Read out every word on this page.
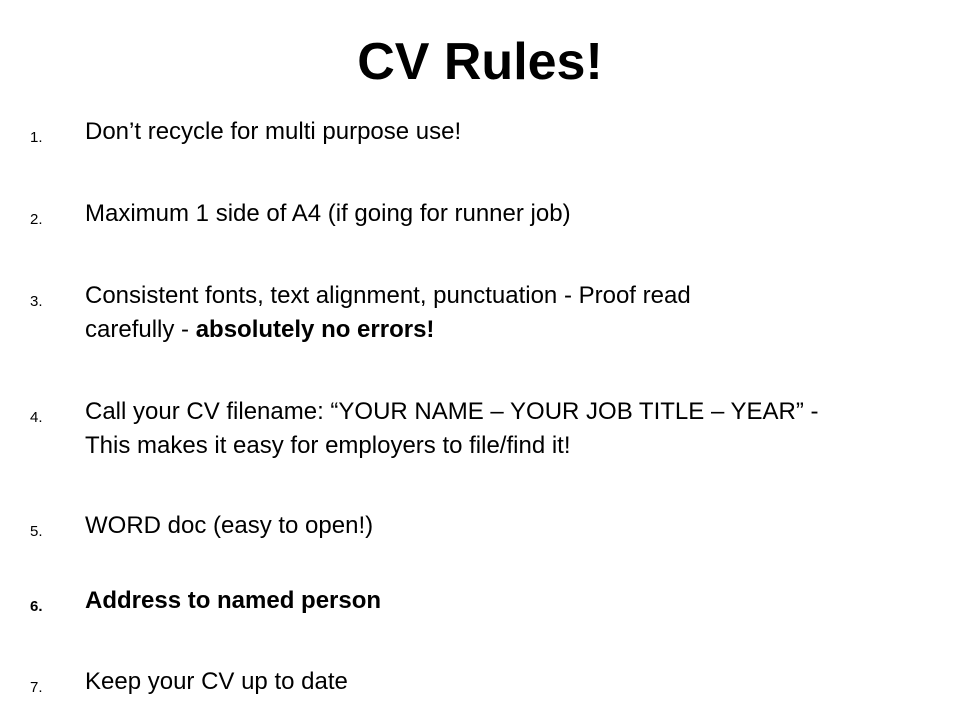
CV Rules!
1. Don’t recycle for multi purpose use!
2. Maximum 1 side of A4 (if going for runner job)
3. Consistent fonts, text alignment, punctuation - Proof read
carefully - absolutely no errors!
4. Call your CV filename: “YOUR NAME – YOUR JOB TITLE – YEAR” -
This makes it easy for employers to file/find it!
5. WORD doc (easy to open!)
6. Address to named person
7. Keep your CV up to date
